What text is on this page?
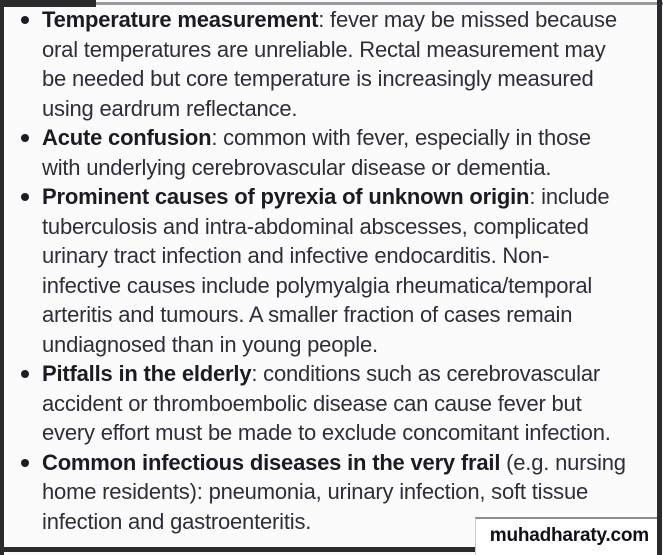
Temperature measurement: fever may be missed because
oral temperatures are unreliable. Rectal measurement may
be needed but core temperature is increasingly measured
using eardrum reflectance.
Acute confusion: common with fever, especially in those
with underlying cerebrovascular disease or dementia.
Prominent causes of pyrexia of unknown origin: include
tuberculosis and intra-abdominal abscesses, complicated
urinary tract infection and infective endocarditis. Non-
infective causes include polymyalgia rheumatica/temporal
arteritis and tumours. A smaller fraction of cases remain
undiagnosed than in young people.
Pitfalls in the elderly: conditions such as cerebrovascular
accident or thromboembolic disease can cause fever but
every effort must be made to exclude concomitant infection.
Common infectious diseases in the very frail (e.g. nursing
home residents): pneumonia, urinary infection, soft tissue
infection and gastroenteritis.
muhadharaty.com
